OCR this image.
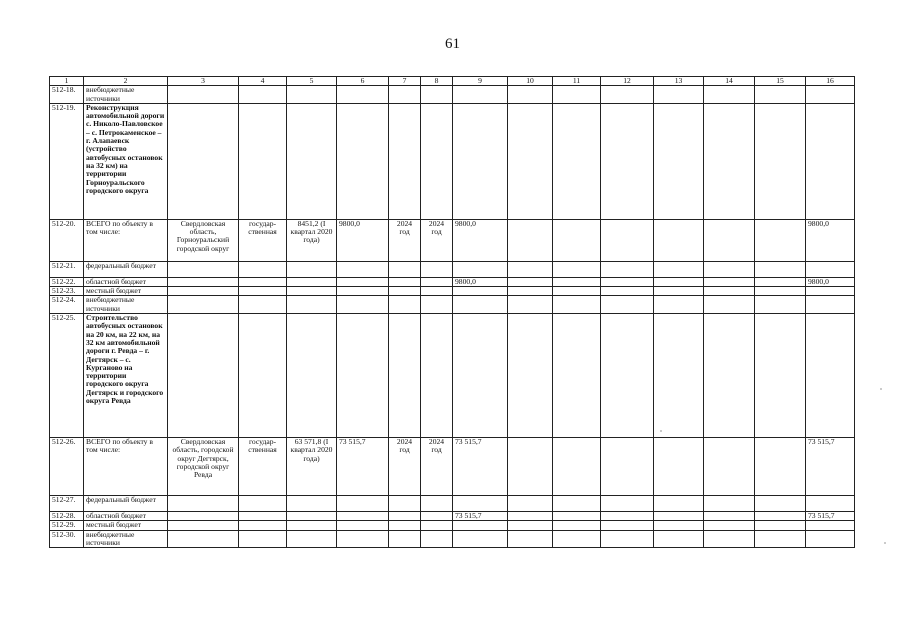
61
1	2	3	4	5	6	7	8	9	10	11	12	13	14	15	16
512-18.	внебюджетные источники														
512-19.	Реконструкция автомобильной дороги с. Николо-Павловское – с. Петрокаменское – г. Алапаевск (устройство автобусных остановок на 32 км) на территории Горноуральского городского округа														
512-20.	ВСЕГО по объекту в том числе:	Свердловская область, Горноуральский городской округ	государ-ственная	8451,2 (I квартал 2020 года)	9800,0	2024 год	2024 год	9800,0							9800,0
512-21.	федеральный бюджет														
512-22.	областной бюджет							9800,0							9800,0
512-23.	местный бюджет														
512-24.	внебюджетные источники														
512-25.	Строительство автобусных остановок на 20 км, на 22 км, на 32 км автомобильной дороги г. Ревда – г. Дегтярск – с. Курганово на территории городского округа Дегтярск и городского округа Ревда														
512-26.	ВСЕГО по объекту в том числе:	Свердловская область, городской округ Дегтярск, городской округ Ревда	государ-ственная	63 571,8 (I квартал 2020 года)	73 515,7	2024 год	2024 год	73 515,7							73 515,7
512-27.	федеральный бюджет														
512-28.	областной бюджет							73 515,7							73 515,7
512-29.	местный бюджет														
512-30.	внебюджетные источники														
